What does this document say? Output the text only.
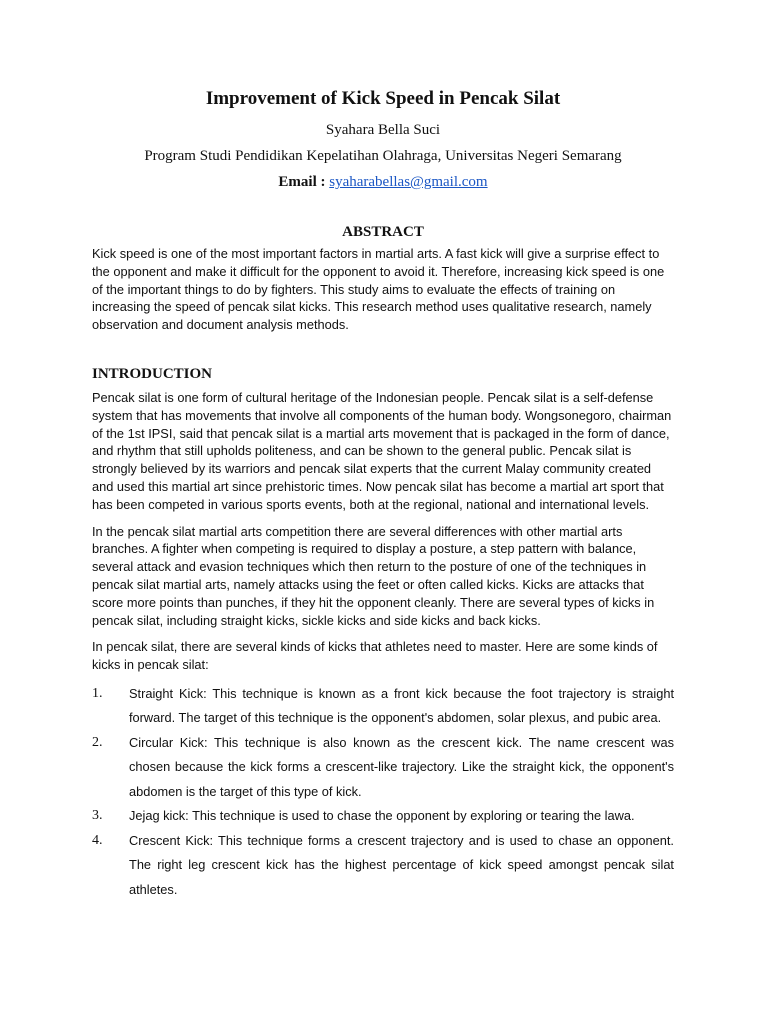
Improvement of Kick Speed in Pencak Silat
Syahara Bella Suci
Program Studi Pendidikan Kepelatihan Olahraga, Universitas Negeri Semarang
Email : syaharabellas@gmail.com
ABSTRACT

Kick speed is one of the most important factors in martial arts. A fast kick will give a surprise effect to the opponent and make it difficult for the opponent to avoid it. Therefore, increasing kick speed is one of the important things to do by fighters. This study aims to evaluate the effects of training on increasing the speed of pencak silat kicks. This research method uses qualitative research, namely observation and document analysis methods.

INTRODUCTION

Pencak silat is one form of cultural heritage of the Indonesian people. Pencak silat is a self-defense system that has movements that involve all components of the human body. Wongsonegoro, chairman of the 1st IPSI, said that pencak silat is a martial arts movement that is packaged in the form of dance, and rhythm that still upholds politeness, and can be shown to the general public. Pencak silat is strongly believed by its warriors and pencak silat experts that the current Malay community created and used this martial art since prehistoric times. Now pencak silat has become a martial art sport that has been competed in various sports events, both at the regional, national and international levels.

In the pencak silat martial arts competition there are several differences with other martial arts branches. A fighter when competing is required to display a posture, a step pattern with balance, several attack and evasion techniques which then return to the posture of one of the techniques in pencak silat martial arts, namely attacks using the feet or often called kicks. Kicks are attacks that score more points than punches, if they hit the opponent cleanly. There are several types of kicks in pencak silat, including straight kicks, sickle kicks and side kicks and back kicks.

In pencak silat, there are several kinds of kicks that athletes need to master. Here are some kinds of kicks in pencak silat:

1.	Straight Kick: This technique is known as a front kick because the foot trajectory is straight forward. The target of this technique is the opponent's abdomen, solar plexus, and pubic area.
2.	Circular Kick: This technique is also known as the crescent kick. The name crescent was chosen because the kick forms a crescent-like trajectory. Like the straight kick, the opponent's abdomen is the target of this type of kick.
3.	Jejag kick: This technique is used to chase the opponent by exploring or tearing the lawa.
4.	Crescent Kick: This technique forms a crescent trajectory and is used to chase an opponent. The right leg crescent kick has the highest percentage of kick speed amongst pencak silat athletes.
